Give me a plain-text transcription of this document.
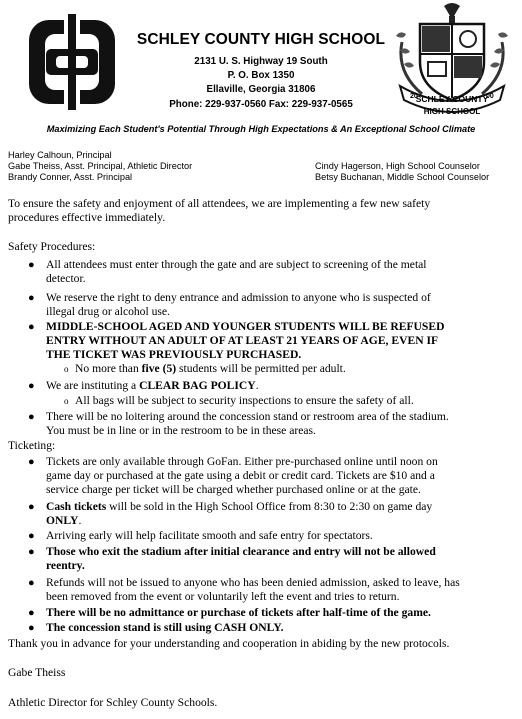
SCHLEY COUNTY
HIGH SCHOOL
20	00
SCHLEY COUNTY HIGH SCHOOL
2131 U. S. Highway 19 South
P. O. Box 1350
Ellaville, Georgia 31806
Phone: 229-937-0560 Fax: 229-937-0565
Maximizing Each Student's Potential Through High Expectations & An Exceptional School Climate
Harley Calhoun, Principal
Gabe Theiss, Asst. Principal, Athletic Director
Brandy Conner, Asst. Principal
Cindy Hagerson, High School Counselor
Betsy Buchanan, Middle School Counselor
To ensure the safety and enjoyment of all attendees, we are implementing a few new safety
procedures effective immediately.
Safety Procedures:
● All attendees must enter through the gate and are subject to screening of the metal
detector.
● We reserve the right to deny entrance and admission to anyone who is suspected of
illegal drug or alcohol use.
● MIDDLE-SCHOOL AGED AND YOUNGER STUDENTS WILL BE REFUSED
ENTRY WITHOUT AN ADULT OF AT LEAST 21 YEARS OF AGE, EVEN IF
THE TICKET WAS PREVIOUSLY PURCHASED.
o No more than five (5) students will be permitted per adult.
● We are instituting a CLEAR BAG POLICY.
o All bags will be subject to security inspections to ensure the safety of all.
● There will be no loitering around the concession stand or restroom area of the stadium.
You must be in line or in the restroom to be in these areas.
Ticketing:
● Tickets are only available through GoFan. Either pre-purchased online until noon on
game day or purchased at the gate using a debit or credit card. Tickets are $10 and a
service charge per ticket will be charged whether purchased online or at the gate.
● Cash tickets will be sold in the High School Office from 8:30 to 2:30 on game day
ONLY.
● Arriving early will help facilitate smooth and safe entry for spectators.
● Those who exit the stadium after initial clearance and entry will not be allowed
reentry.
● Refunds will not be issued to anyone who has been denied admission, asked to leave, has
been removed from the event or voluntarily left the event and tries to return.
● There will be no admittance or purchase of tickets after half-time of the game.
● The concession stand is still using CASH ONLY.
Thank you in advance for your understanding and cooperation in abiding by the new protocols.
Gabe Theiss
Athletic Director for Schley County Schools.
